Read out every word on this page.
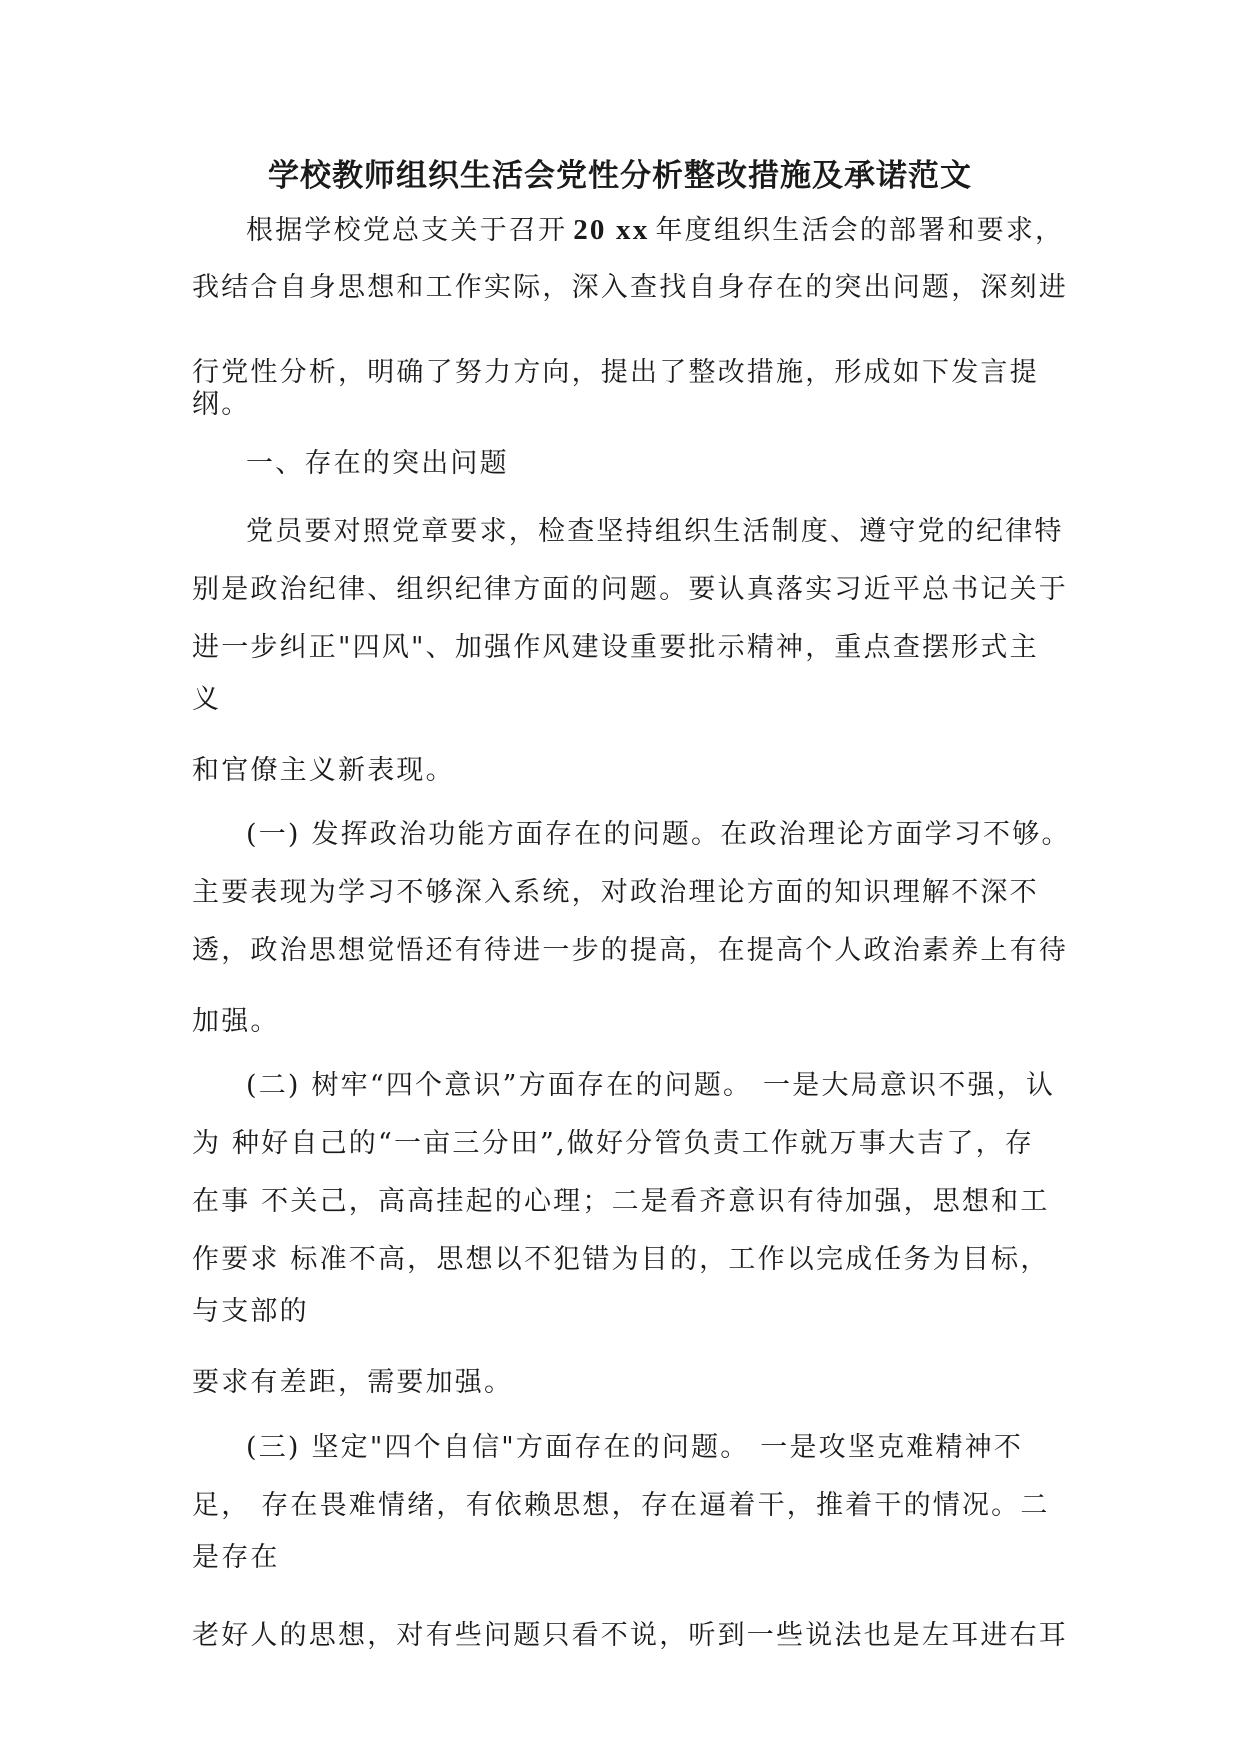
学校教师组织生活会党性分析整改措施及承诺范文
根据学校党总支关于召开 20 xx 年度组织生活会的部署和要求，
我结合自身思想和工作实际，深入查找自身存在的突出问题，深刻进
行党性分析，明确了努力方向，提出了整改措施，形成如下发言提
纲。
一、存在的突出问题
党员要对照党章要求，检查坚持组织生活制度、遵守党的纪律特
别是政治纪律、组织纪律方面的问题。要认真落实习近平总书记关于
进一步纠正"四风"、加强作风建设重要批示精神，重点查摆形式主
义
和官僚主义新表现。
(一) 发挥政治功能方面存在的问题。在政治理论方面学习不够。
主要表现为学习不够深入系统，对政治理论方面的知识理解不深不
透，政治思想觉悟还有待进一步的提高，在提高个人政治素养上有待
加强。
(二) 树牢“四个意识”方面存在的问题。 一是大局意识不强，认
为 种好自己的“一亩三分田”,做好分管负责工作就万事大吉了，存
在事 不关己，高高挂起的心理；二是看齐意识有待加强，思想和工
作要求 标准不高，思想以不犯错为目的，工作以完成任务为目标，
与支部的
要求有差距，需要加强。
(三) 坚定"四个自信"方面存在的问题。 一是攻坚克难精神不
足， 存在畏难情绪，有依赖思想，存在逼着干，推着干的情况。二
是存在
老好人的思想，对有些问题只看不说，听到一些说法也是左耳进右耳
